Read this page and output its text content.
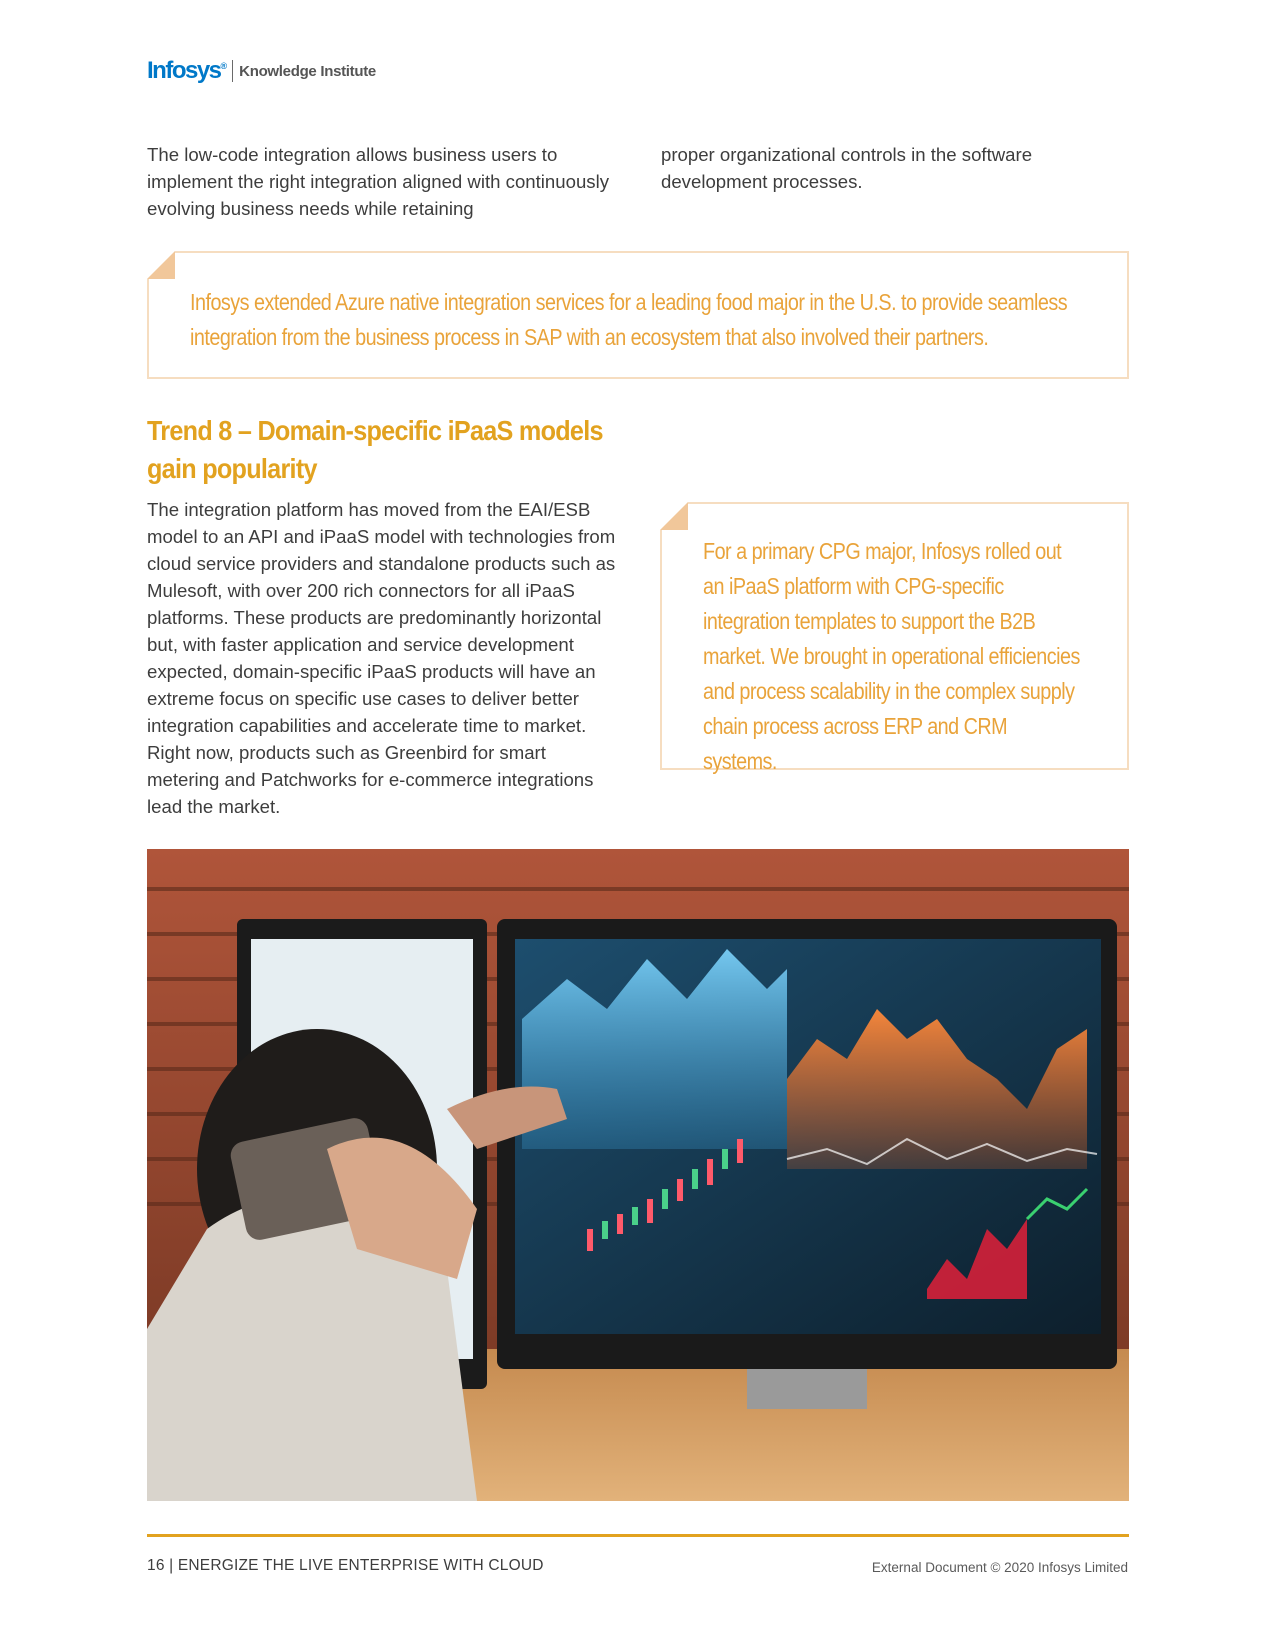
Infosys® Knowledge Institute

The low-code integration allows business users to implement the right integration aligned with continuously evolving business needs while retaining

proper organizational controls in the software development processes.

Infosys extended Azure native integration services for a leading food major in the U.S. to provide seamless integration from the business process in SAP with an ecosystem that also involved their partners.

Trend 8 – Domain-specific iPaaS models gain popularity

The integration platform has moved from the EAI/ESB model to an API and iPaaS model with technologies from cloud service providers and standalone products such as Mulesoft, with over 200 rich connectors for all iPaaS platforms. These products are predominantly horizontal but, with faster application and service development expected, domain-specific iPaaS products will have an extreme focus on specific use cases to deliver better integration capabilities and accelerate time to market. Right now, products such as Greenbird for smart metering and Patchworks for e-commerce integrations lead the market.

For a primary CPG major, Infosys rolled out an iPaaS platform with CPG-specific integration templates to support the B2B market. We brought in operational efficiencies and process scalability in the complex supply chain process across ERP and CRM systems.

16 | ENERGIZE THE LIVE ENTERPRISE WITH CLOUD	External Document © 2020 Infosys Limited
